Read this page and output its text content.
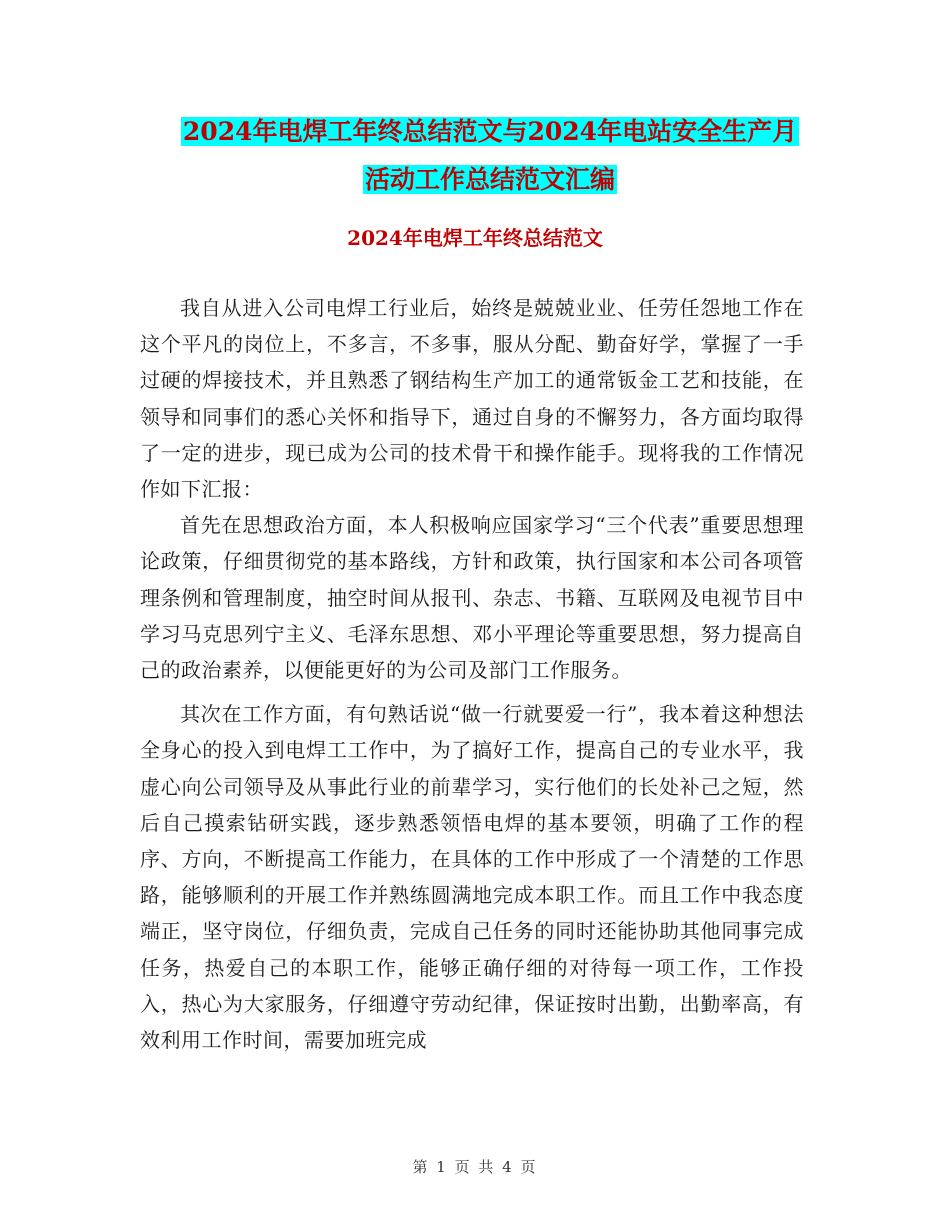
2024年电焊工年终总结范文与2024年电站安全生产月
活动工作总结范文汇编
2024年电焊工年终总结范文

我自从进入公司电焊工行业后，始终是兢兢业业、任劳任怨地工作在这个平凡的岗位上，不多言，不多事，服从分配、勤奋好学，掌握了一手过硬的焊接技术，并且熟悉了钢结构生产加工的通常钣金工艺和技能，在领导和同事们的悉心关怀和指导下，通过自身的不懈努力，各方面均取得了一定的进步，现已成为公司的技术骨干和操作能手。现将我的工作情况作如下汇报：

首先在思想政治方面，本人积极响应国家学习“三个代表”重要思想理论政策，仔细贯彻党的基本路线，方针和政策，执行国家和本公司各项管理条例和管理制度，抽空时间从报刊、杂志、书籍、互联网及电视节目中学习马克思列宁主义、毛泽东思想、邓小平理论等重要思想，努力提高自己的政治素养，以便能更好的为公司及部门工作服务。

其次在工作方面，有句熟话说“做一行就要爱一行”，我本着这种想法全身心的投入到电焊工工作中，为了搞好工作，提高自己的专业水平，我虚心向公司领导及从事此行业的前辈学习，实行他们的长处补己之短，然后自己摸索钻研实践，逐步熟悉领悟电焊的基本要领，明确了工作的程序、方向，不断提高工作能力，在具体的工作中形成了一个清楚的工作思路，能够顺利的开展工作并熟练圆满地完成本职工作。而且工作中我态度端正，坚守岗位，仔细负责，完成自己任务的同时还能协助其他同事完成任务，热爱自己的本职工作，能够正确仔细的对待每一项工作，工作投入，热心为大家服务，仔细遵守劳动纪律，保证按时出勤，出勤率高，有效利用工作时间，需要加班完成

第 1 页 共 4 页
